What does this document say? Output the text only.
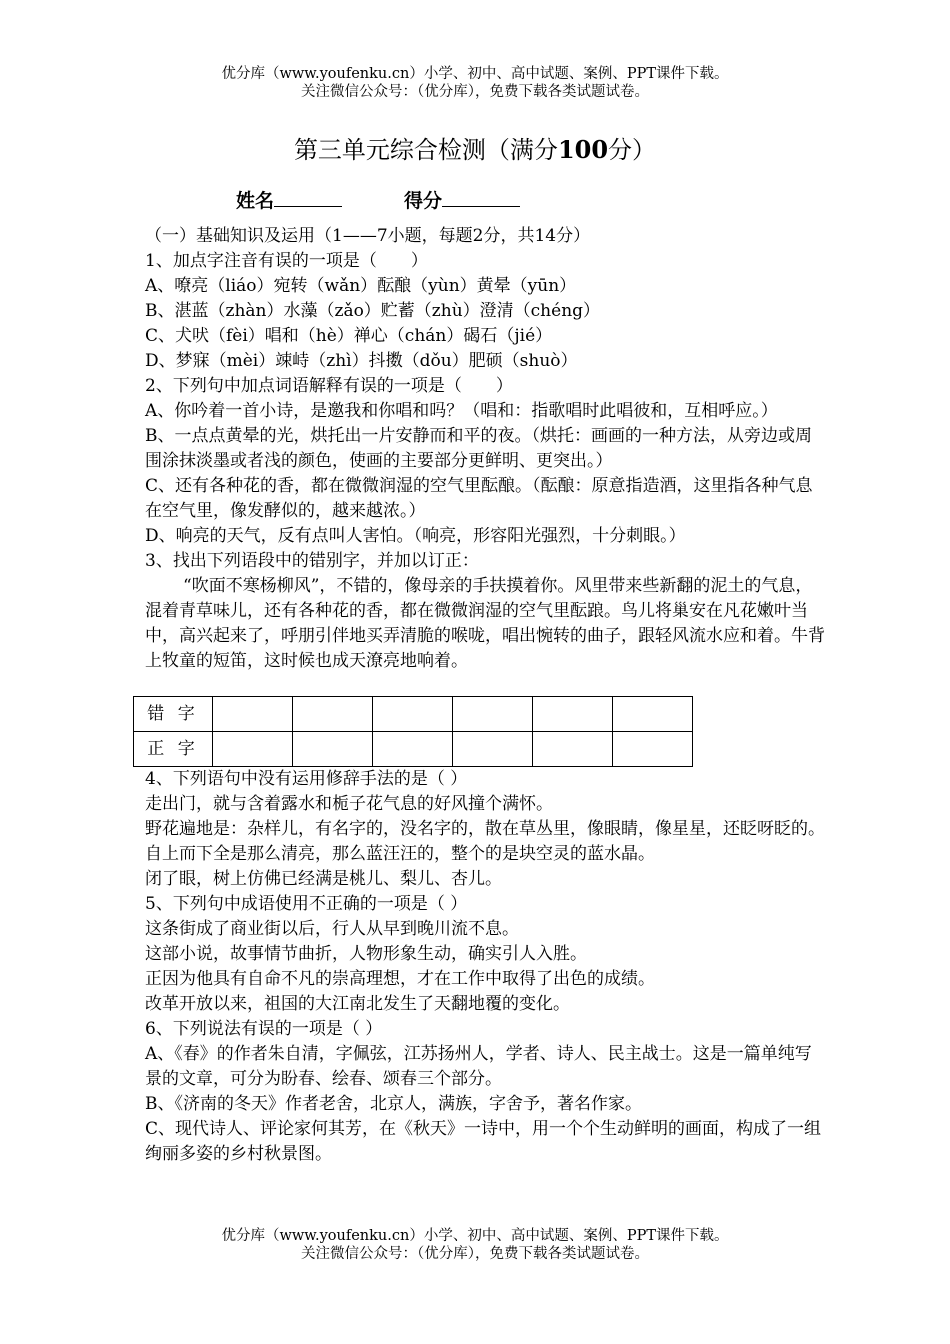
优分库（www.youfenku.cn）小学、初中、高中试题、案例、PPT课件下载。
关注微信公众号：（优分库），免费下载各类试题试卷。
第三单元综合检测（满分100分）
姓名	得分

（一）基础知识及运用（1——7小题，每题2分，共14分）

1、加点字注音有误的一项是（　　）

A、嘹亮（liáo）宛转（wǎn）酝酿（yùn）黄晕（yūn）

B、湛蓝（zhàn）水藻（zǎo）贮蓄（zhù）澄清（chéng）

C、犬吠（fèi）唱和（hè）禅心（chán）碣石（jié）

D、梦寐（mèi）竦峙（zhì）抖擞（dǒu）肥硕（shuò）

2、下列句中加点词语解释有误的一项是（　　）

A、你吟着一首小诗，是邀我和你唱和吗？（唱和：指歌唱时此唱彼和，互相呼应。）

B、一点点黄晕的光，烘托出一片安静而和平的夜。（烘托：画画的一种方法，从旁边或周围涂抹淡墨或者浅的颜色，使画的主要部分更鲜明、更突出。）

C、还有各种花的香，都在微微润湿的空气里酝酿。（酝酿：原意指造酒，这里指各种气息在空气里，像发酵似的，越来越浓。）

D、响亮的天气，反有点叫人害怕。（响亮，形容阳光强烈，十分刺眼。）

3、找出下列语段中的错别字，并加以订正：

“吹面不寒杨柳风”，不错的，像母亲的手扶摸着你。风里带来些新翻的泥土的气息，混着青草味儿，还有各种花的香，都在微微润湿的空气里酝踉。鸟儿将巢安在凡花嫩叶当中，高兴起来了，呼朋引伴地买弄清脆的喉咙，唱出惋转的曲子，跟轻风流水应和着。牛背上牧童的短笛，这时候也成天潦亮地响着。

错 字						
正 字						

4、下列语句中没有运用修辞手法的是（ ）

走出门，就与含着露水和栀子花气息的好风撞个满怀。

野花遍地是：杂样儿，有名字的，没名字的，散在草丛里，像眼睛，像星星，还眨呀眨的。

自上而下全是那么清亮，那么蓝汪汪的，整个的是块空灵的蓝水晶。

闭了眼，树上仿佛已经满是桃儿、梨儿、杏儿。

5、下列句中成语使用不正确的一项是（ ）

这条街成了商业街以后，行人从早到晚川流不息。

这部小说，故事情节曲折，人物形象生动，确实引人入胜。

正因为他具有自命不凡的崇高理想，才在工作中取得了出色的成绩。

改革开放以来，祖国的大江南北发生了天翻地覆的变化。

6、下列说法有误的一项是（ ）

A、《春》的作者朱自清，字佩弦，江苏扬州人，学者、诗人、民主战士。这是一篇单纯写景的文章，可分为盼春、绘春、颂春三个部分。

B、《济南的冬天》作者老舍，北京人，满族，字舍予，著名作家。

C、现代诗人、评论家何其芳，在《秋天》一诗中，用一个个生动鲜明的画面，构成了一组绚丽多姿的乡村秋景图。

优分库（www.youfenku.cn）小学、初中、高中试题、案例、PPT课件下载。
关注微信公众号：（优分库），免费下载各类试题试卷。
